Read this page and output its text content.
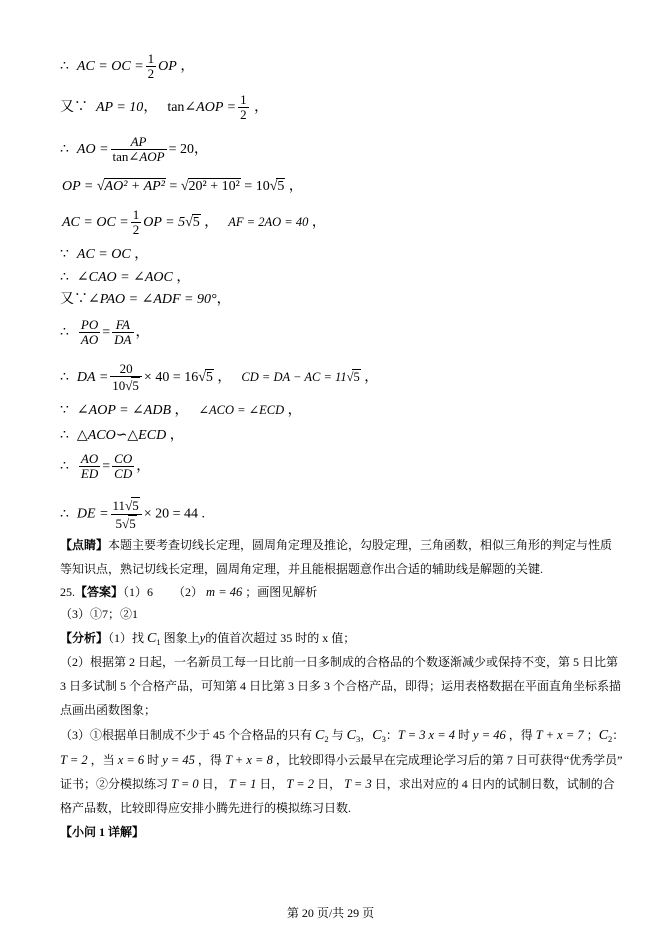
∴ AC = OC = $\frac{1}{2}$ OP ，
又∵ AP = 10， tan∠AOP = $\frac{1}{2}$ ，
∴ AO = $\frac{AP}{\text{tan∠AOP}} = 20$，
OP = √AO² + AP² = √20² + 10² = 10√5 ，
AC = OC = $\frac{1}{2}$ OP = 5√5 ， AF = 2AO = 40 ，
∵ AC = OC ，
∴ ∠CAO = ∠AOC ，
又∵∠PAO = ∠ADF = 90°，
∴ $\frac{PO}{AO} = \frac{FA}{DA}$ ，
∴ DA = $\frac{20}{10√5} \times 40 = 16√5$ ， CD = DA − AC = 11√5 ，
∵ ∠AOP = ∠ADB ， ∠ACO = ∠ECD ，
∴ △ACO∽△ECD ，
∴ $\frac{AO}{ED} = \frac{CO}{CD}$ ，
∴ DE = $\frac{11√5}{5√5} \times 20 = 44$ .
【点睛】本题主要考查切线长定理，圆周角定理及推论，勾股定理，三角函数，相似三角形的判定与性质
等知识点，熟记切线长定理，圆周角定理，并且能根据题意作出合适的辅助线是解题的关键.
25.【答案】（1）6 （2） m = 46 ；画图见解析
（3）①7；②1
【分析】（1）找 $C_1$ 图象上y的值首次超过 35 时的 x 值；
（2）根据第 2 日起，一名新员工每一日比前一日多制成的合格品的个数逐渐减少或保持不变，第 5 日比第
3 日多试制 5 个合格产品，可知第 4 日比第 3 日多 3 个合格产品，即得；运用表格数据在平面直角坐标系描
点画出函数图象；
（3）①根据单日制成不少于 45 个合格品的只有 $C_2$ 与 $C_3$，$C_3$：T = 3 x = 4 时 y = 46 ，得 T + x = 7 ；$C_2$：
T = 2 ，当 x = 6 时 y = 45 ，得 T + x = 8 ，比较即得小云最早在完成理论学习后的第 7 日可获得“优秀学员”
证书；②分模拟练习 T = 0 日， T = 1 日， T = 2 日， T = 3 日，求出对应的 4 日内的试制日数，试制的合
格产品数，比较即得应安排小腾先进行的模拟练习日数.
【小问 1 详解】
第 20 页/共 29 页
